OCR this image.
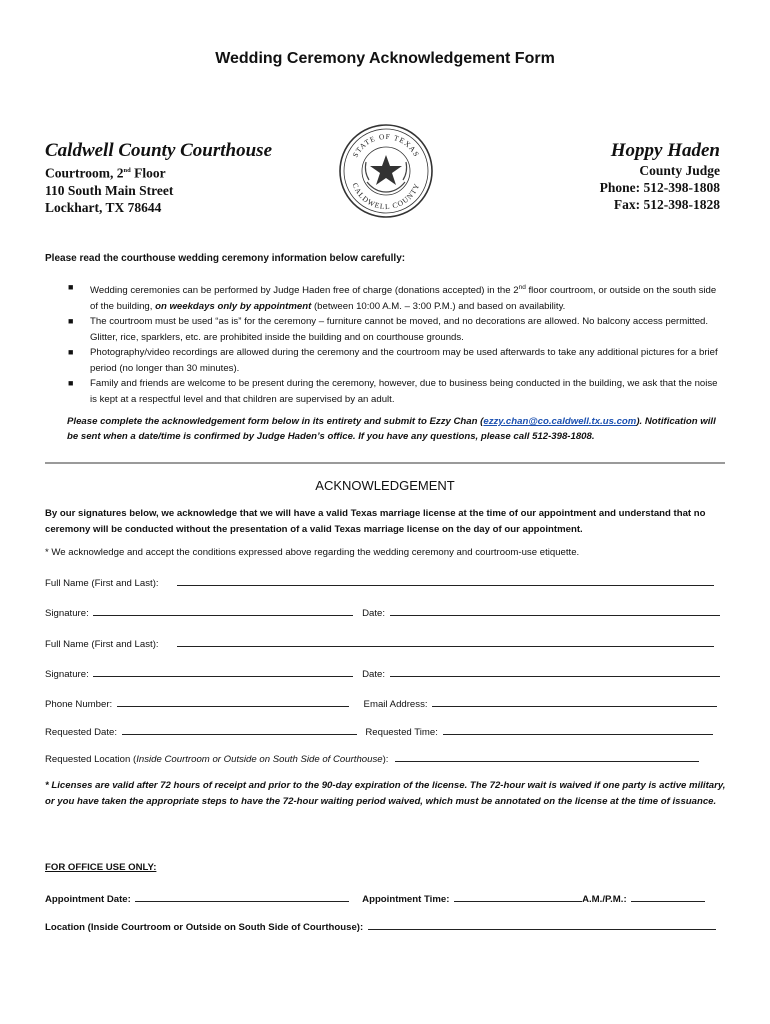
Wedding Ceremony Acknowledgement Form
Caldwell County Courthouse
Courtroom, 2nd Floor
110 South Main Street
Lockhart, TX 78644
STATE OF TEXAS
CALDWELL COUNTY
Hoppy Haden
County Judge
Phone: 512-398-1808
Fax: 512-398-1828
Please read the courthouse wedding ceremony information below carefully:
■ Wedding ceremonies can be performed by Judge Haden free of charge (donations accepted) in the 2nd floor courtroom, or outside on the south side of the building, on weekdays only by appointment (between 10:00 A.M. – 3:00 P.M.) and based on availability.
■ The courtroom must be used “as is” for the ceremony – furniture cannot be moved, and no decorations are allowed. No balcony access permitted. Glitter, rice, sparklers, etc. are prohibited inside the building and on courthouse grounds.
■ Photography/video recordings are allowed during the ceremony and the courtroom may be used afterwards to take any additional pictures for a brief period (no longer than 30 minutes).
■ Family and friends are welcome to be present during the ceremony, however, due to business being conducted in the building, we ask that the noise is kept at a respectful level and that children are supervised by an adult.
Please complete the acknowledgement form below in its entirety and submit to Ezzy Chan (ezzy.chan@co.caldwell.tx.us.com). Notification will be sent when a date/time is confirmed by Judge Haden’s office. If you have any questions, please call 512-398-1808.
ACKNOWLEDGEMENT
By our signatures below, we acknowledge that we will have a valid Texas marriage license at the time of our appointment and understand that no ceremony will be conducted without the presentation of a valid Texas marriage license on the day of our appointment.
* We acknowledge and accept the conditions expressed above regarding the wedding ceremony and courtroom-use etiquette.
Full Name (First and Last):
Signature:	Date:
Full Name (First and Last):
Signature:	Date:
Phone Number:	Email Address:
Requested Date:	Requested Time:
Requested Location (Inside Courtroom or Outside on South Side of Courthouse):
* Licenses are valid after 72 hours of receipt and prior to the 90-day expiration of the license. The 72-hour wait is waived if one party is active military, or you have taken the appropriate steps to have the 72-hour waiting period waived, which must be annotated on the license at the time of issuance.
FOR OFFICE USE ONLY:
Appointment Date:	Appointment Time:	A.M./P.M.:
Location (Inside Courtroom or Outside on South Side of Courthouse):
